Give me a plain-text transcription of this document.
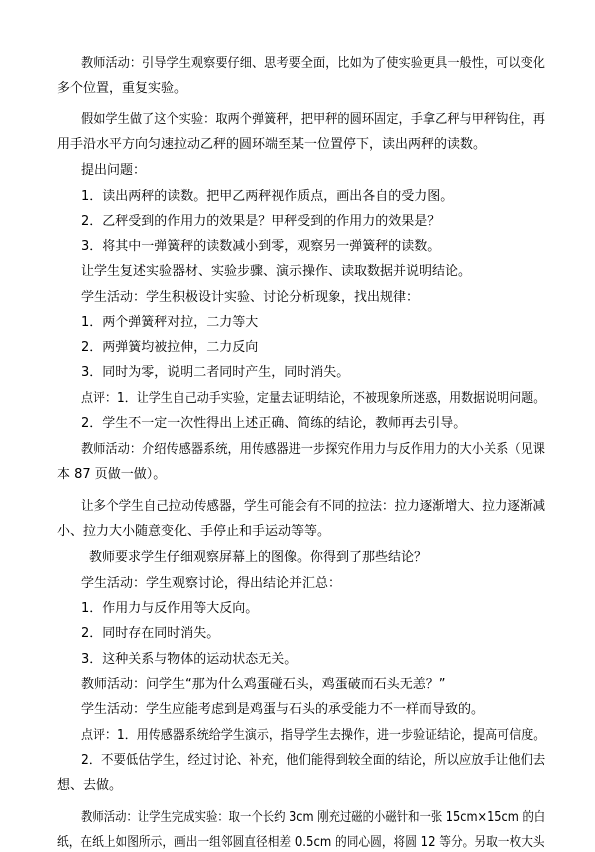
教师活动：引导学生观察要仔细、思考要全面，比如为了使实验更具一般性，可以变化
多个位置，重复实验。
假如学生做了这个实验：取两个弹簧秤，把甲秤的圆环固定，手拿乙秤与甲秤钩住，再
用手沿水平方向匀速拉动乙秤的圆环端至某一位置停下，读出两秤的读数。
提出问题：
1．读出两秤的读数。把甲乙两秤视作质点，画出各自的受力图。
2．乙秤受到的作用力的效果是？甲秤受到的作用力的效果是？
3．将其中一弹簧秤的读数减小到零，观察另一弹簧秤的读数。
让学生复述实验器材、实验步骤、演示操作、读取数据并说明结论。
学生活动：学生积极设计实验、讨论分析现象，找出规律：
1．两个弹簧秤对拉，二力等大
2．两弹簧均被拉伸，二力反向
3．同时为零，说明二者同时产生，同时消失。
点评：1．让学生自己动手实验，定量去证明结论，不被现象所迷惑，用数据说明问题。
2．学生不一定一次性得出上述正确、简练的结论，教师再去引导。
教师活动：介绍传感器系统，用传感器进一步探究作用力与反作用力的大小关系（见课
本 87 页做一做）。
让多个学生自己拉动传感器，学生可能会有不同的拉法：拉力逐渐增大、拉力逐渐减
小、拉力大小随意变化、手停止和手运动等等。
教师要求学生仔细观察屏幕上的图像。你得到了那些结论？
学生活动：学生观察讨论，得出结论并汇总：
1．作用力与反作用等大反向。
2．同时存在同时消失。
3．这种关系与物体的运动状态无关。
教师活动：问学生“那为什么鸡蛋碰石头，鸡蛋破而石头无恙？”
学生活动：学生应能考虑到是鸡蛋与石头的承受能力不一样而导致的。
点评：1．用传感器系统给学生演示，指导学生去操作，进一步验证结论，提高可信度。
2．不要低估学生，经过讨论、补充，他们能得到较全面的结论，所以应放手让他们去
想、去做。
教师活动：让学生完成实验：取一个长约 3cm 刚充过磁的小磁针和一张 15cm×15cm 的白
纸，在纸上如图所示，画出一组邻圆直径相差 0.5cm 的同心圆，将圆 12 等分。另取一枚大头
